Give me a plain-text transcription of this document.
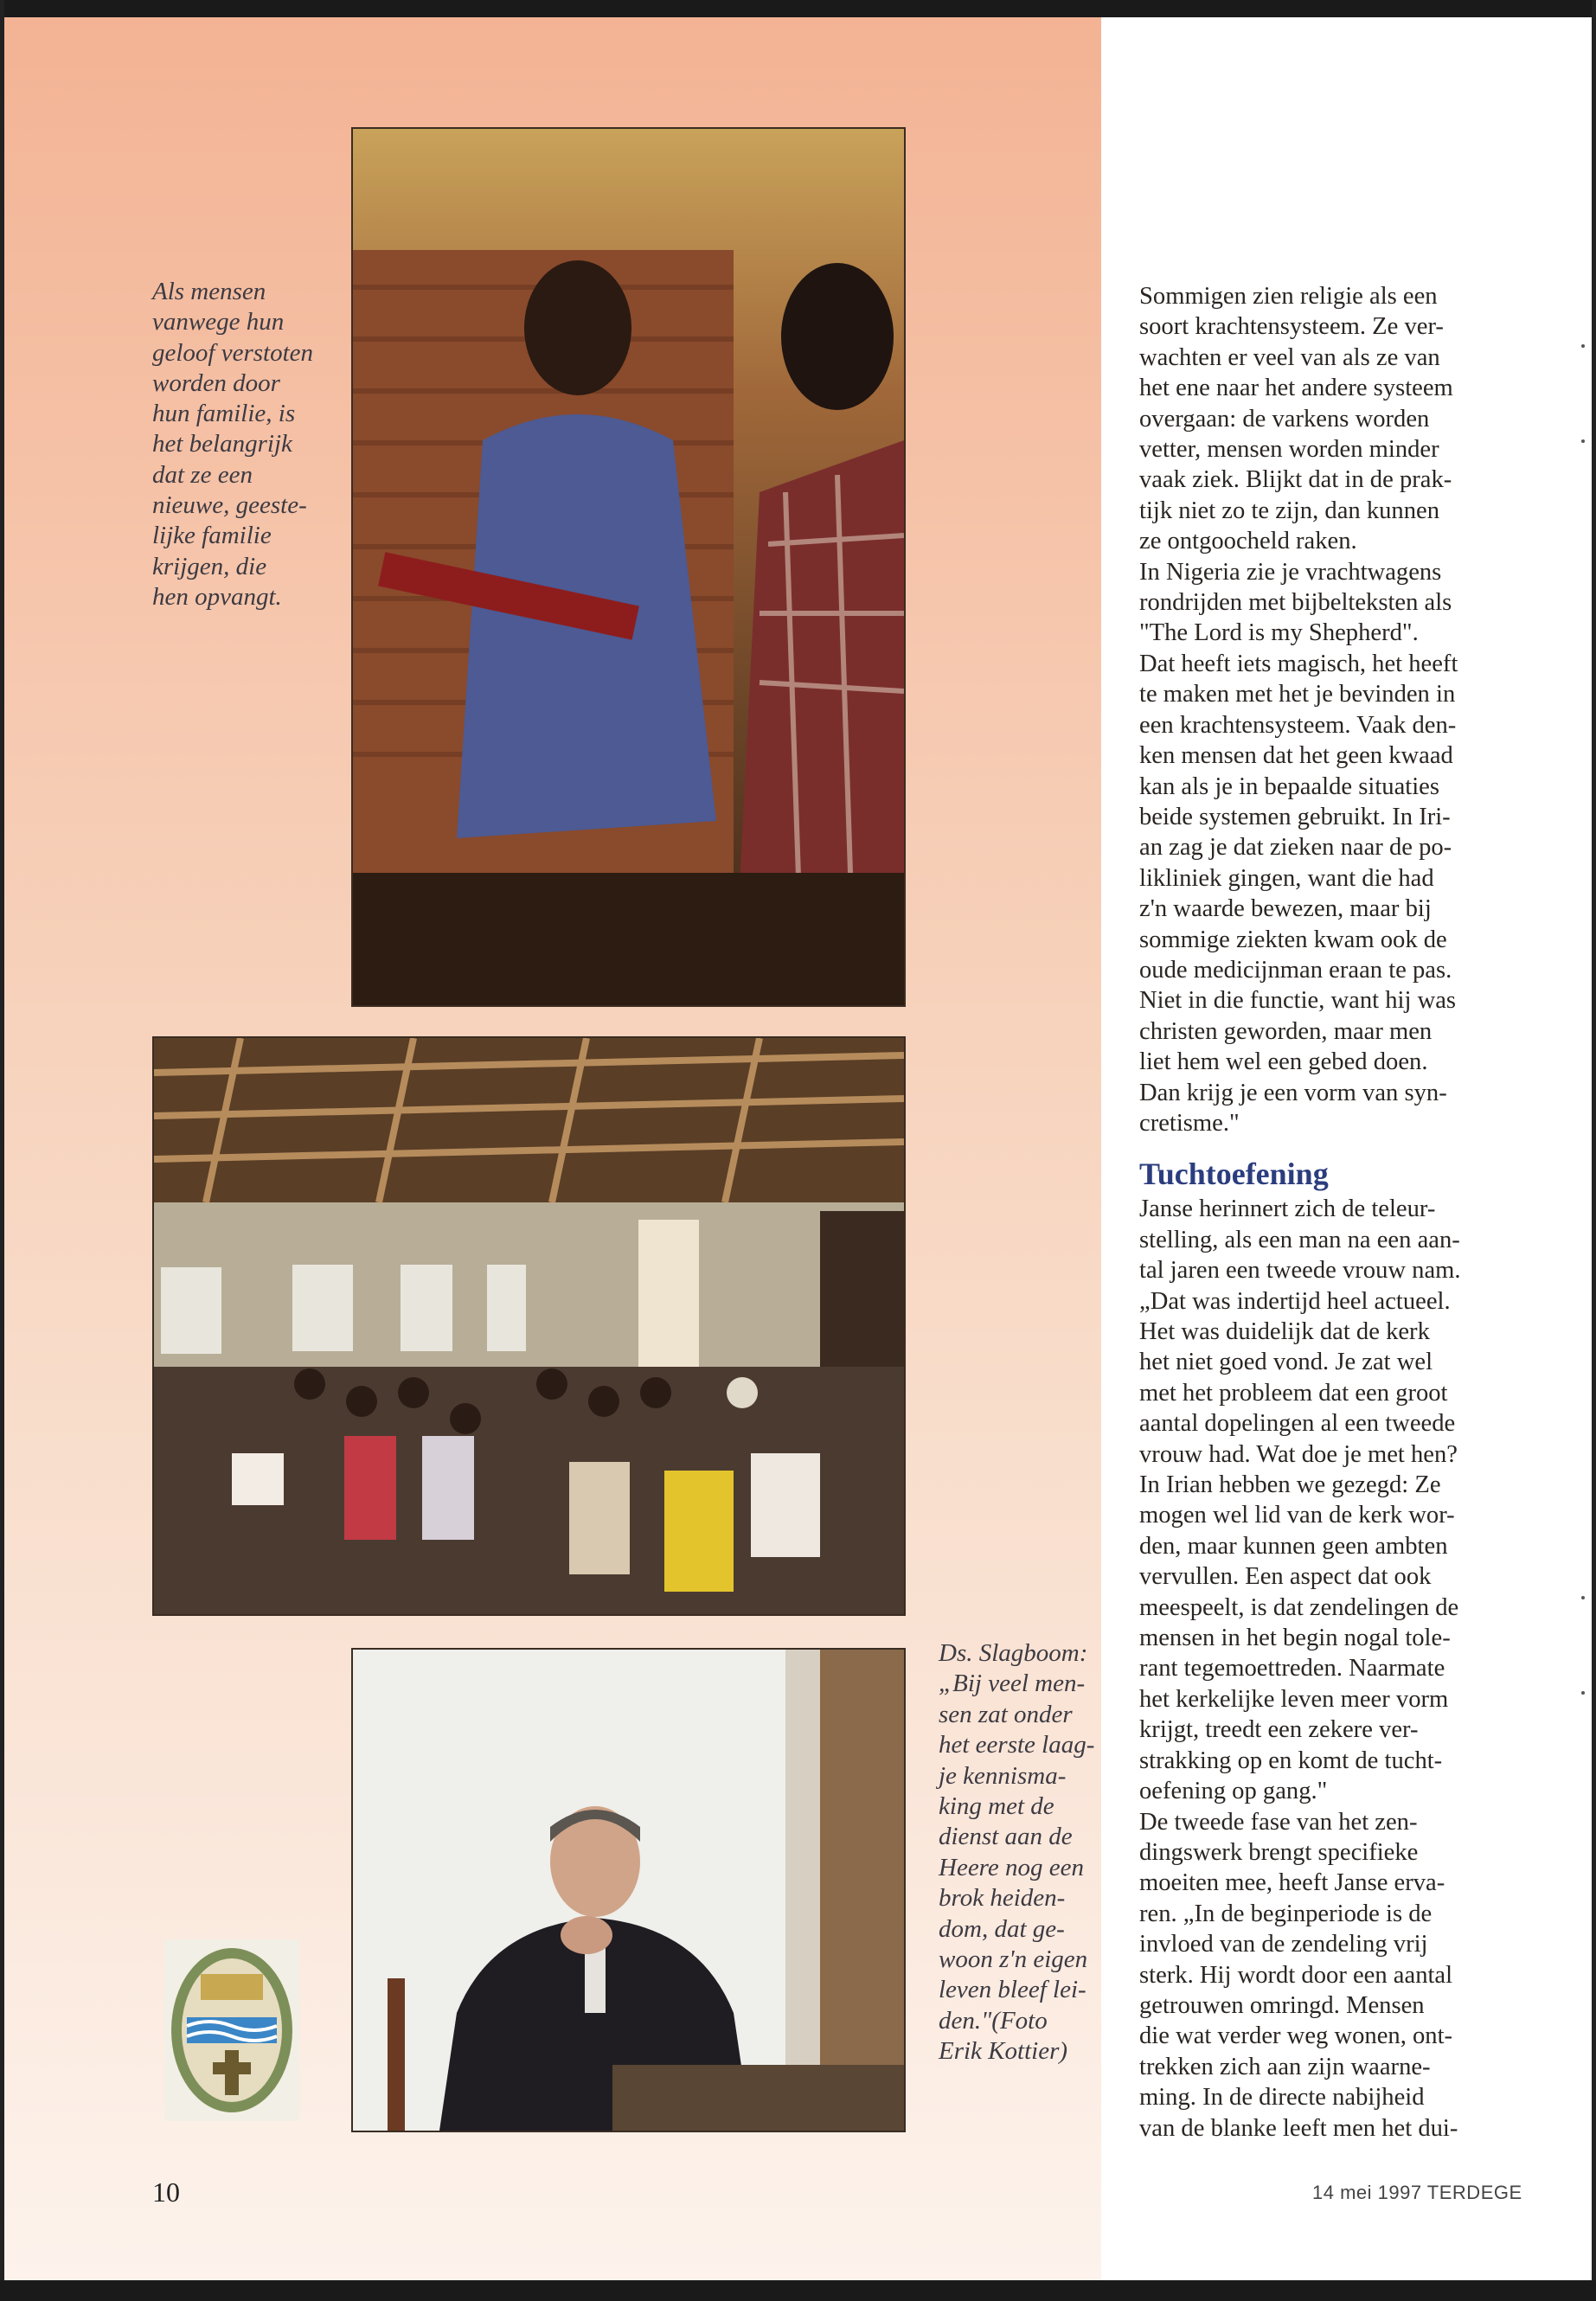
Als mensen
vanwege hun
geloof verstoten
worden door
hun familie, is
het belangrijk
dat ze een
nieuwe, geeste-
lijke familie
krijgen, die
hen opvangt.
Ds. Slagboom:
„Bij veel men-
sen zat onder
het eerste laag-
je kennisma-
king met de
dienst aan de
Heere nog een
brok heiden-
dom, dat ge-
woon z'n eigen
leven bleef lei-
den."(Foto
Erik Kottier)

Sommigen zien religie als een
soort krachtensysteem. Ze ver-
wachten er veel van als ze van
het ene naar het andere systeem
overgaan: de varkens worden
vetter, mensen worden minder
vaak ziek. Blijkt dat in de prak-
tijk niet zo te zijn, dan kunnen
ze ontgoocheld raken.

In Nigeria zie je vrachtwagens
rondrijden met bijbelteksten als
"The Lord is my Shepherd".
Dat heeft iets magisch, het heeft
te maken met het je bevinden in
een krachtensysteem. Vaak den-
ken mensen dat het geen kwaad
kan als je in bepaalde situaties
beide systemen gebruikt. In Iri-
an zag je dat zieken naar de po-
likliniek gingen, want die had
z'n waarde bewezen, maar bij
sommige ziekten kwam ook de
oude medicijnman eraan te pas.
Niet in die functie, want hij was
christen geworden, maar men
liet hem wel een gebed doen.
Dan krijg je een vorm van syn-
cretisme."

Tuchtoefening

Janse herinnert zich de teleur-
stelling, als een man na een aan-
tal jaren een tweede vrouw nam.
„Dat was indertijd heel actueel.
Het was duidelijk dat de kerk
het niet goed vond. Je zat wel
met het probleem dat een groot
aantal dopelingen al een tweede
vrouw had. Wat doe je met hen?
In Irian hebben we gezegd: Ze
mogen wel lid van de kerk wor-
den, maar kunnen geen ambten
vervullen. Een aspect dat ook
meespeelt, is dat zendelingen de
mensen in het begin nogal tole-
rant tegemoettreden. Naarmate
het kerkelijke leven meer vorm
krijgt, treedt een zekere ver-
strakking op en komt de tucht-
oefening op gang."

De tweede fase van het zen-
dingswerk brengt specifieke
moeiten mee, heeft Janse erva-
ren. „In de beginperiode is de
invloed van de zendeling vrij
sterk. Hij wordt door een aantal
getrouwen omringd. Mensen
die wat verder weg wonen, ont-
trekken zich aan zijn waarne-
ming. In de directe nabijheid
van de blanke leeft men het dui-

10	14 mei 1997 TERDEGE
